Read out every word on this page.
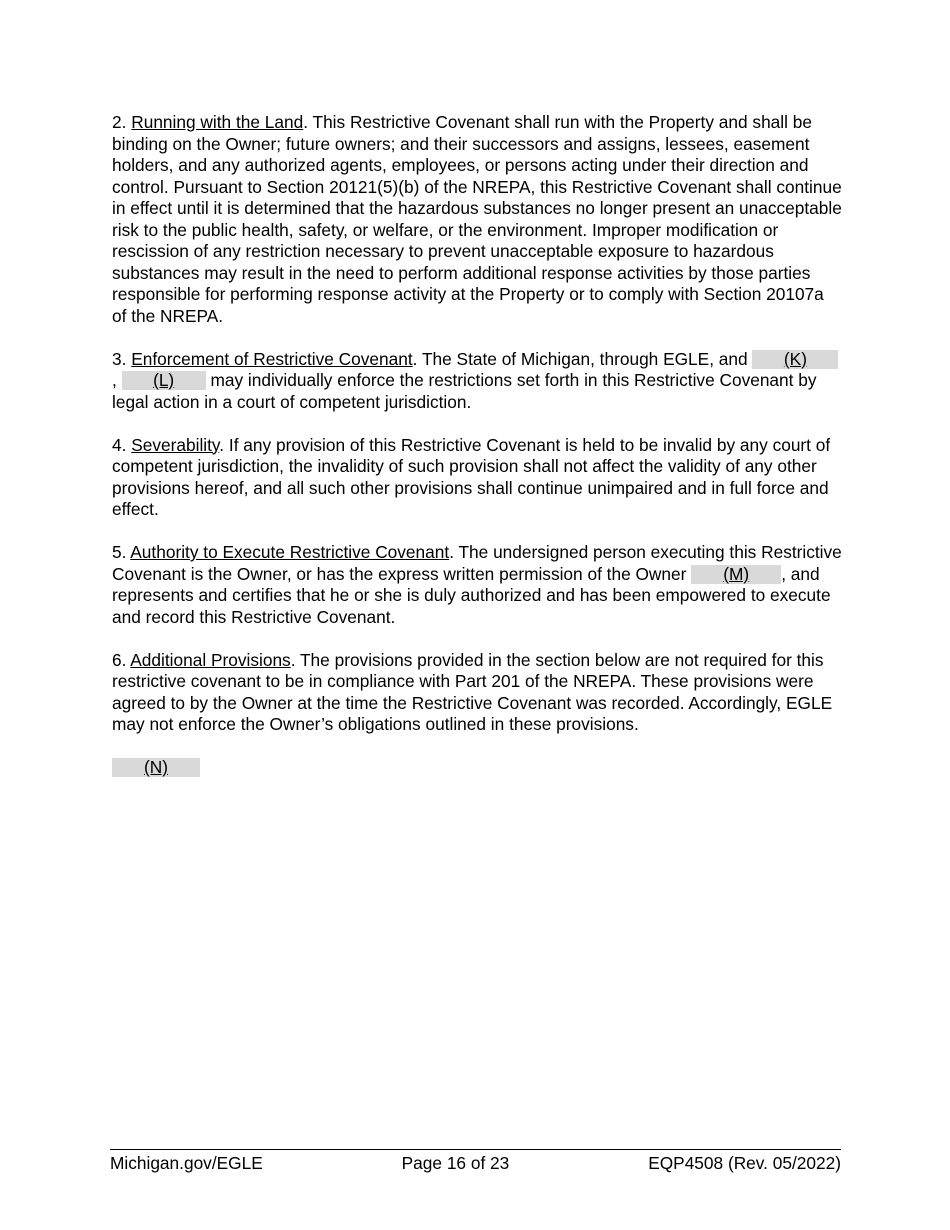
2. Running with the Land. This Restrictive Covenant shall run with the Property and shall be binding on the Owner; future owners; and their successors and assigns, lessees, easement holders, and any authorized agents, employees, or persons acting under their direction and control. Pursuant to Section 20121(5)(b) of the NREPA, this Restrictive Covenant shall continue in effect until it is determined that the hazardous substances no longer present an unacceptable risk to the public health, safety, or welfare, or the environment. Improper modification or rescission of any restriction necessary to prevent unacceptable exposure to hazardous substances may result in the need to perform additional response activities by those parties responsible for performing response activity at the Property or to comply with Section 20107a of the NREPA.

3. Enforcement of Restrictive Covenant. The State of Michigan, through EGLE, and (K), (L) may individually enforce the restrictions set forth in this Restrictive Covenant by legal action in a court of competent jurisdiction.

4. Severability. If any provision of this Restrictive Covenant is held to be invalid by any court of competent jurisdiction, the invalidity of such provision shall not affect the validity of any other provisions hereof, and all such other provisions shall continue unimpaired and in full force and effect.

5. Authority to Execute Restrictive Covenant. The undersigned person executing this Restrictive Covenant is the Owner, or has the express written permission of the Owner (M) , and represents and certifies that he or she is duly authorized and has been empowered to execute and record this Restrictive Covenant.

6. Additional Provisions. The provisions provided in the section below are not required for this restrictive covenant to be in compliance with Part 201 of the NREPA. These provisions were agreed to by the Owner at the time the Restrictive Covenant was recorded. Accordingly, EGLE may not enforce the Owner’s obligations outlined in these provisions.

(N)

Michigan.gov/EGLE	Page 16 of 23	EQP4508 (Rev. 05/2022)
